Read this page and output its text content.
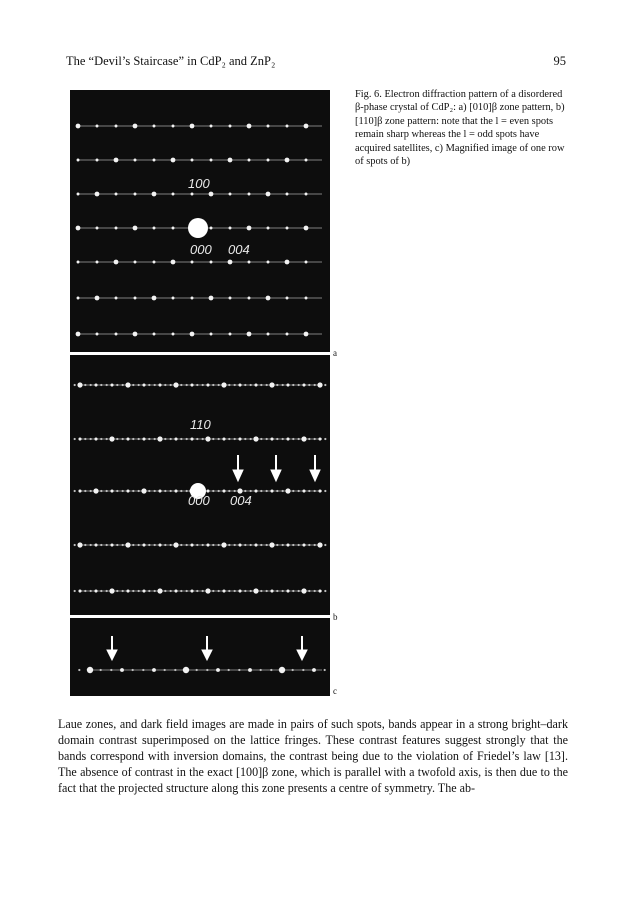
The “Devil’s Staircase” in CdP₂ and ZnP₂	95
100
000 004
110
000 004
a
b
c

Fig. 6. Electron diffraction pattern of a disordered β-phase crystal of CdP₂: a) [010]β zone pattern, b) [110]β zone pattern: note that the l = even spots remain sharp whereas the l = odd spots have acquired satellites, c) Magnified image of one row of spots of b)

Laue zones, and dark field images are made in pairs of such spots, bands appear in a strong bright–dark domain contrast superimposed on the lattice fringes. These contrast features suggest strongly that the bands correspond with inversion domains, the contrast being due to the violation of Friedel’s law [13]. The absence of contrast in the exact [100]β zone, which is parallel with a twofold axis, is then due to the fact that the projected structure along this zone presents a centre of symmetry. The ab-
